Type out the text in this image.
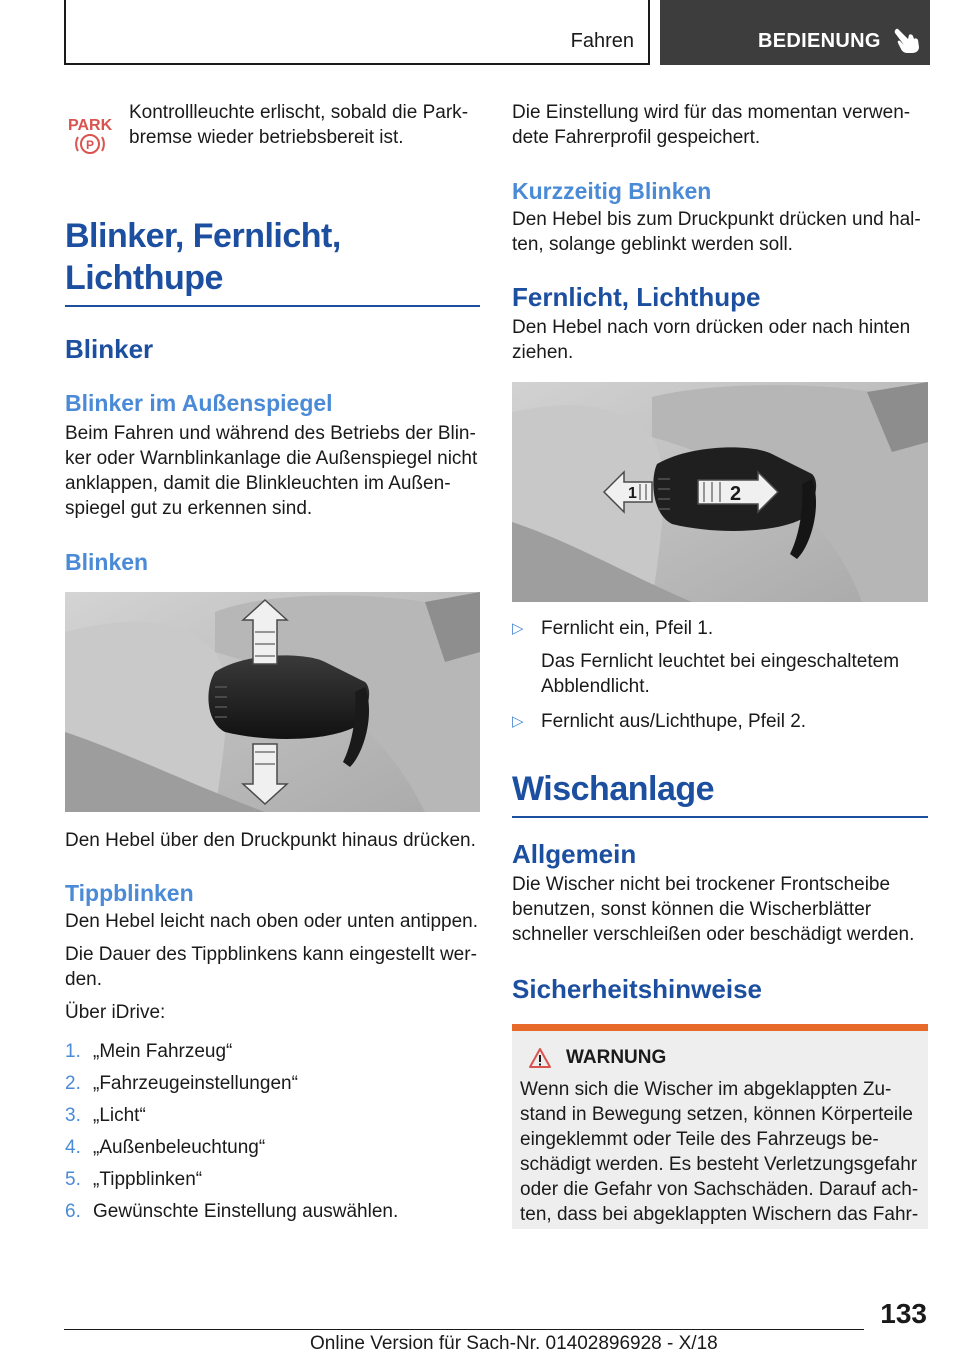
Fahren	BEDIENUNG
PARK
P

Kontrollleuchte erlischt, sobald die Parkbremse wieder betriebsbereit ist.

Blinker, Fernlicht, Lichthupe
Blinker
Blinker im Außenspiegel

Beim Fahren und während des Betriebs der Blinker oder Warnblinkanlage die Außenspiegel nicht anklappen, damit die Blinkleuchten im Außenspiegel gut zu erkennen sind.

Blinken

Den Hebel über den Druckpunkt hinaus drücken.

Tippblinken

Den Hebel leicht nach oben oder unten antippen.

Die Dauer des Tippblinkens kann eingestellt werden.

Über iDrive:

1. „Mein Fahrzeug“
2. „Fahrzeugeinstellungen“
3. „Licht“
4. „Außenbeleuchtung“
5. „Tippblinken“
6. Gewünschte Einstellung auswählen.

Die Einstellung wird für das momentan verwendete Fahrerprofil gespeichert.

Kurzzeitig Blinken

Den Hebel bis zum Druckpunkt drücken und halten, solange geblinkt werden soll.

Fernlicht, Lichthupe

Den Hebel nach vorn drücken oder nach hinten ziehen.

1	2
▷ Fernlicht ein, Pfeil 1.
Das Fernlicht leuchtet bei eingeschaltetem Abblendlicht.
▷ Fernlicht aus/Lichthupe, Pfeil 2.
Wischanlage
Allgemein

Die Wischer nicht bei trockener Frontscheibe benutzen, sonst können die Wischerblätter schneller verschleißen oder beschädigt werden.

Sicherheitshinweise
WARNUNG

Wenn sich die Wischer im abgeklappten Zustand in Bewegung setzen, können Körperteile eingeklemmt oder Teile des Fahrzeugs beschädigt werden. Es besteht Verletzungsgefahr oder die Gefahr von Sachschäden. Darauf achten, dass bei abgeklappten Wischern das Fahr-

133
Online Version für Sach-Nr. 01402896928 - X/18
